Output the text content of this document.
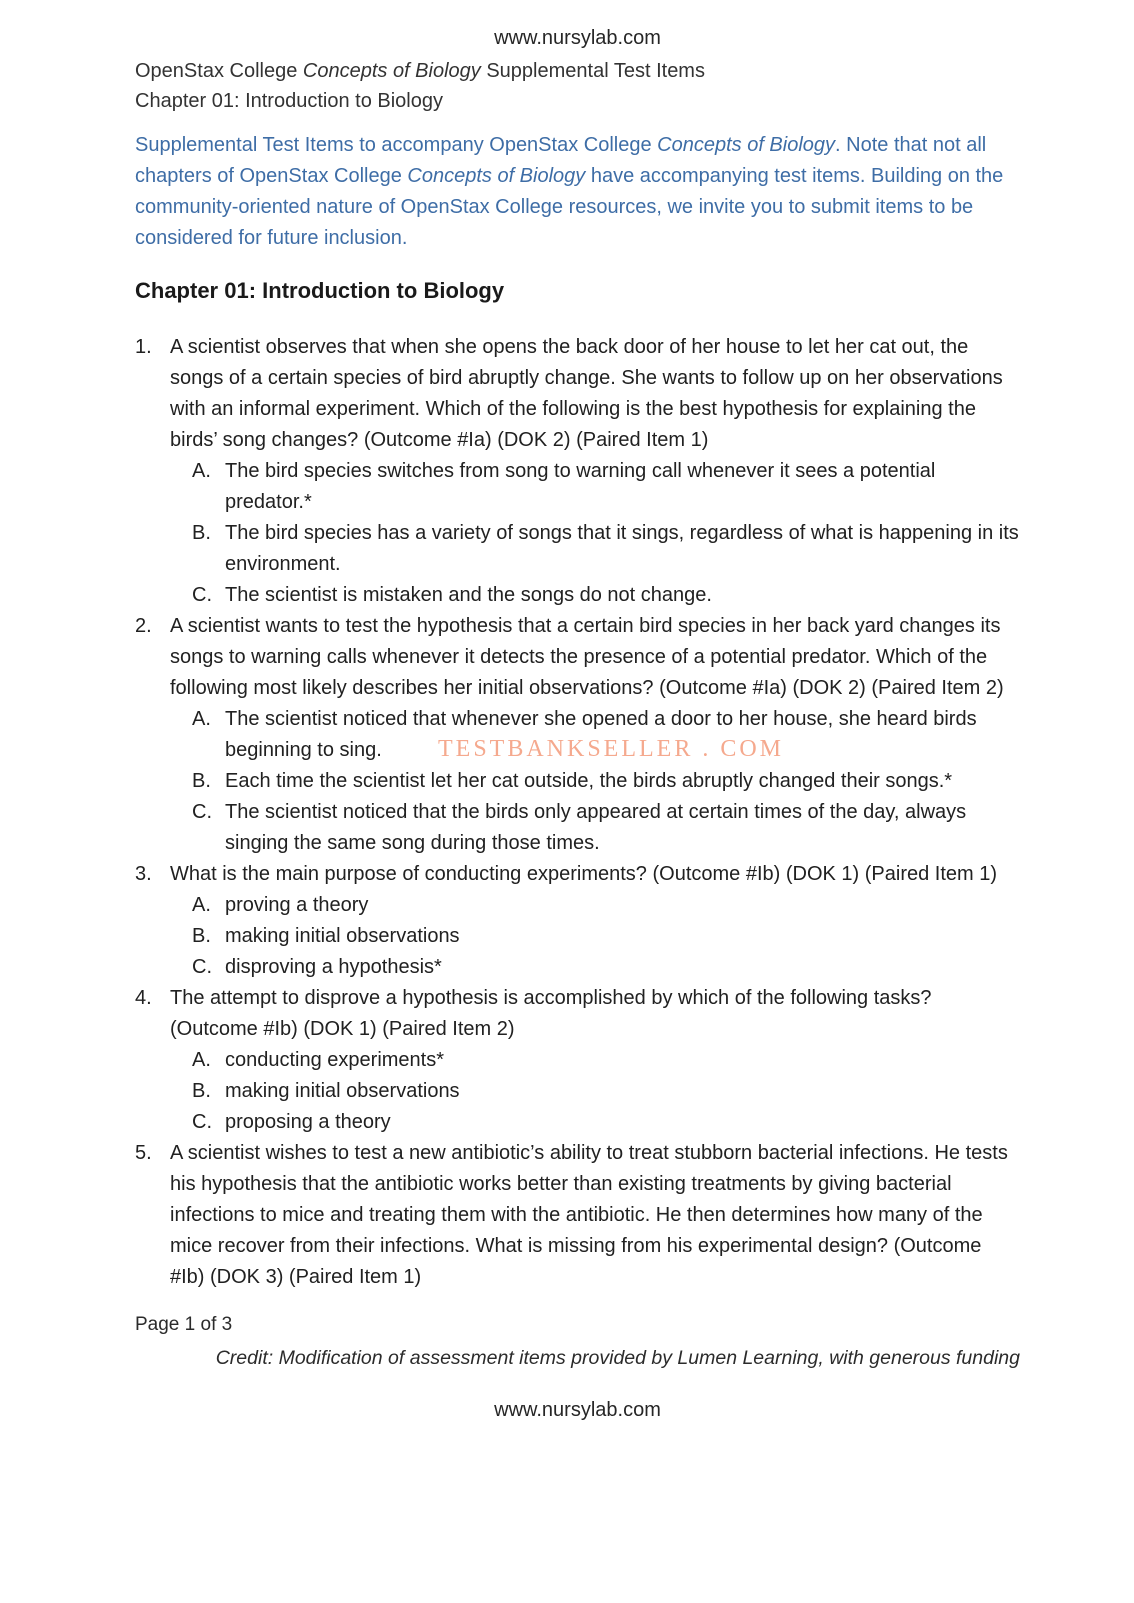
TESTBANKSELLER . COM
www.nursylab.com
OpenStax College Concepts of Biology Supplemental Test Items
Chapter 01: Introduction to Biology

Supplemental Test Items to accompany OpenStax College Concepts of Biology. Note that not all chapters of OpenStax College Concepts of Biology have accompanying test items. Building on the community-oriented nature of OpenStax College resources, we invite you to submit items to be considered for future inclusion.

Chapter 01: Introduction to Biology
1. A scientist observes that when she opens the back door of her house to let her cat out, the songs of a certain species of bird abruptly change. She wants to follow up on her observations with an informal experiment. Which of the following is the best hypothesis for explaining the birds’ song changes? (Outcome #Ia) (DOK 2) (Paired Item 1)
A. The bird species switches from song to warning call whenever it sees a potential predator.*
B. The bird species has a variety of songs that it sings, regardless of what is happening in its environment.
C. The scientist is mistaken and the songs do not change.
2. A scientist wants to test the hypothesis that a certain bird species in her back yard changes its songs to warning calls whenever it detects the presence of a potential predator. Which of the following most likely describes her initial observations? (Outcome #Ia) (DOK 2) (Paired Item 2)
A. The scientist noticed that whenever she opened a door to her house, she heard birds beginning to sing.
B. Each time the scientist let her cat outside, the birds abruptly changed their songs.*
C. The scientist noticed that the birds only appeared at certain times of the day, always singing the same song during those times.
3. What is the main purpose of conducting experiments? (Outcome #Ib) (DOK 1) (Paired Item 1)
A. proving a theory
B. making initial observations
C. disproving a hypothesis*
4. The attempt to disprove a hypothesis is accomplished by which of the following tasks? (Outcome #Ib) (DOK 1) (Paired Item 2)
A. conducting experiments*
B. making initial observations
C. proposing a theory
5. A scientist wishes to test a new antibiotic’s ability to treat stubborn bacterial infections. He tests his hypothesis that the antibiotic works better than existing treatments by giving bacterial infections to mice and treating them with the antibiotic. He then determines how many of the mice recover from their infections. What is missing from his experimental design? (Outcome #Ib) (DOK 3) (Paired Item 1)
Page 1 of 3
Credit: Modification of assessment items provided by Lumen Learning, with generous funding
www.nursylab.com
